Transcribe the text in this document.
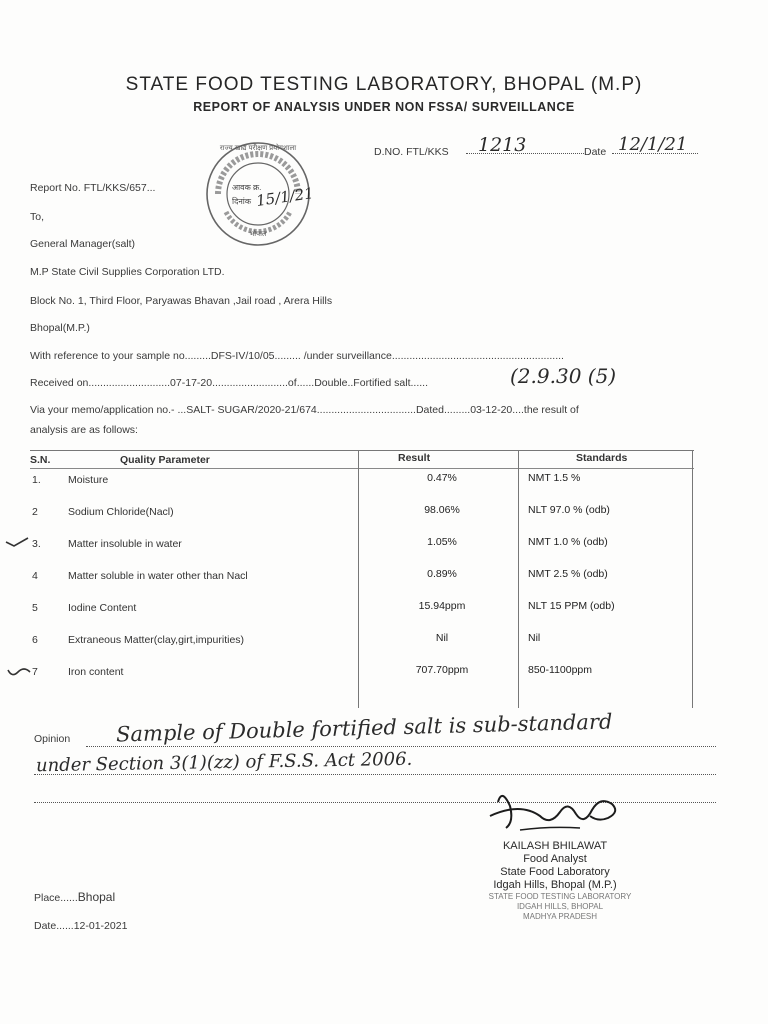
STATE FOOD TESTING LABORATORY, BHOPAL (M.P)
REPORT OF ANALYSIS UNDER NON FSSA/ SURVEILLANCE
D.NO. FTL/KKS 1213	Date 12/1/21
राज्य खाद्य परीक्षण प्रयोगशाला
आवक क्र.
दिनांक 15/1/21
भोपाल
Report No. FTL/KKS/657...
To,
General Manager(salt)
M.P State Civil Supplies Corporation LTD.
Block No. 1, Third Floor, Paryawas Bhavan ,Jail road , Arera Hills
Bhopal(M.P.)
With reference to your sample no.........DFS-IV/10/05......... /under surveillance...........................................................
Received on............................07-17-20..........................of......Double..Fortified salt......	(2.9.30 (5)
Via your memo/application no.- ...SALT- SUGAR/2020-21/674..................................Dated.........03-12-20....the result of
analysis are as follows:
S.N.	Quality Parameter	Result	Standards
1.	Moisture	0.47%	NMT 1.5 %
2	Sodium Chloride(Nacl)	98.06%	NLT 97.0 % (odb)
3.	Matter insoluble in water	1.05%	NMT 1.0 % (odb)
4	Matter soluble in water other than Nacl	0.89%	NMT 2.5 % (odb)
5	Iodine Content	15.94ppm	NLT 15 PPM (odb)
6	Extraneous Matter(clay,girt,impurities)	Nil	Nil
7	Iron content	707.70ppm	850-1100ppm
Opinion Sample of Double fortified salt is sub-standard
under Section 3(1)(zz) of F.S.S. Act 2006.
KAILASH BHILAWAT
Food Analyst
State Food Laboratory
Idgah Hills, Bhopal (M.P.)
STATE FOOD TESTING LABORATORY
IDGAH HILLS, BHOPAL
MADHYA PRADESH
Place......Bhopal
Date......12-01-2021
